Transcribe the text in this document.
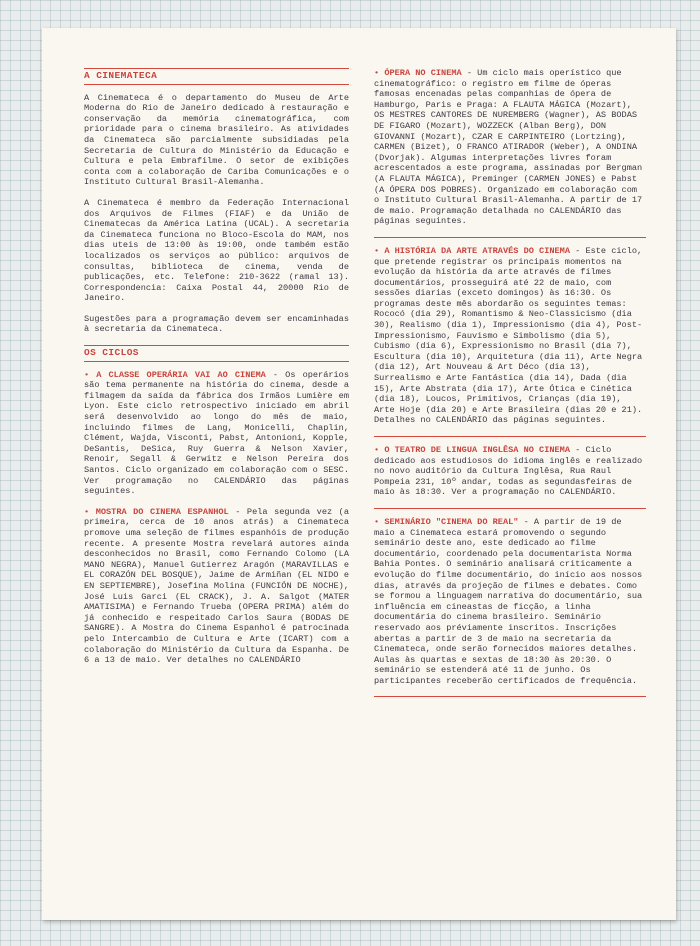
A CINEMATECA

A Cinemateca é o departamento do Museu de Arte Moderna do Rio de Janeiro dedicado à restauração e conservação da memória cinematográfica, com prioridade para o cinema brasileiro. As atividades da Cinemateca são parcialmente subsidiadas pela Secretaria de Cultura do Ministério da Educação e Cultura e pela Embrafilme. O setor de exibições conta com a colaboração de Cariba Comunicações e o Instituto Cultural Brasil-Alemanha.

A Cinemateca é membro da Federação Internacional dos Arquivos de Filmes (FIAF) e da União de Cinematecas da América Latina (UCAL). A secretaria da Cinemateca funciona no Bloco-Escola do MAM, nos dias uteis de 13:00 às 19:00, onde também estão localizados os serviços ao público: arquivos de consultas, biblioteca de cinema, venda de publicações, etc. Telefone: 210-3622 (ramal 13). Correspondencia: Caixa Postal 44, 20000 Rio de Janeiro.

Sugestões para a programação devem ser encaminhadas à secretaria da Cinemateca.

OS CICLOS

• A CLASSE OPERÁRIA VAI AO CINEMA - Os operários são tema permanente na história do cinema, desde a filmagem da saída da fábrica dos Irmãos Lumière em Lyon. Este ciclo retrospectivo iniciado em abril será desenvolvido ao longo do mês de maio, incluindo filmes de Lang, Monicelli, Chaplin, Clément, Wajda, Visconti, Pabst, Antonioni, Kopple, DeSantis, DeSica, Ruy Guerra & Nelson Xavier, Renoir, Segall & Gerwitz e Nelson Pereira dos Santos. Ciclo organizado em colaboração com o SESC. Ver programação no CALENDÁRIO das páginas seguintes.

• MOSTRA DO CINEMA ESPANHOL - Pela segunda vez (a primeira, cerca de 10 anos atrás) a Cinemateca promove uma seleção de filmes espanhóis de produção recente. A presente Mostra revelará autores ainda desconhecidos no Brasil, como Fernando Colomo (LA MANO NEGRA), Manuel Gutierrez Aragón (MARAVILLAS e EL CORAZÓN DEL BOSQUE), Jaime de Armiñan (EL NIDO e EN SEPTIEMBRE), Josefina Molina (FUNCIÓN DE NOCHE), José Luis Garci (EL CRACK), J. A. Salgot (MATER AMATISIMA) e Fernando Trueba (OPERA PRIMA) além do já conhecido e respeitado Carlos Saura (BODAS DE SANGRE). A Mostra do Cinema Espanhol é patrocinada pelo Intercambio de Cultura e Arte (ICART) com a colaboração do Ministério da Cultura da Espanha. De 6 a 13 de maio. Ver detalhes no CALENDÁRIO

• ÓPERA NO CINEMA - Um ciclo mais operístico que cinematográfico: o registro em filme de óperas famosas encenadas pelas companhias de ópera de Hamburgo, Paris e Praga: A FLAUTA MÁGICA (Mozart), OS MESTRES CANTORES DE NUREMBERG (Wagner), AS BODAS DE FIGARO (Mozart), WOZZECK (Alban Berg), DON GIOVANNI (Mozart), CZAR E CARPINTEIRO (Lortzing), CARMEN (Bizet), O FRANCO ATIRADOR (Weber), A ONDINA (Dvorjak). Algumas interpretações livres foram acrescentados a este programa, assinadas por Bergman (A FLAUTA MÁGICA), Preminger (CARMEN JONES) e Pabst (A ÓPERA DOS POBRES). Organizado em colaboração com o Instituto Cultural Brasil-Alemanha. A partir de 17 de maio. Programação detalhada no CALENDÁRIO das páginas seguintes.
• A HISTÓRIA DA ARTE ATRAVÉS DO CINEMA - Este ciclo, que pretende registrar os principais momentos na evolução da história da arte através de filmes documentários, prosseguirá até 22 de maio, com sessões diarias (exceto domingos) às 16:30. Os programas deste mês abordarão os seguintes temas: Rococó (dia 29), Romantismo & Neo-Classicismo (dia 30), Realismo (dia 1), Impressionismo (dia 4), Post-Impressionismo, Fauvismo e Simbolismo (dia 5), Cubismo (dia 6), Expressionismo no Brasil (dia 7), Escultura (dia 10), Arquitetura (dia 11), Arte Negra (dia 12), Art Nouveau & Art Déco (dia 13), Surrealismo e Arte Fantástica (dia 14), Dada (dia 15), Arte Abstrata (dia 17), Arte Ótica e Cinética (dia 18), Loucos, Primitivos, Crianças (dia 19), Arte Hoje (dia 20) e Arte Brasileira (dias 20 e 21). Detalhes no CALENDÁRIO das páginas seguintes.
• O TEATRO DE LINGUA INGLÊSA NO CINEMA - Ciclo dedicado aos estudiosos do idioma inglês e realizado no novo auditório da Cultura Inglêsa, Rua Raul Pompeia 231, 10º andar, todas as segundasfeiras de maio às 18:30. Ver a programação no CALENDÁRIO.
• SEMINÁRIO "CINEMA DO REAL" - A partir de 19 de maio a Cinemateca estará promovendo o segundo seminário deste ano, este dedicado ao filme documentário, coordenado pela documentarista Norma Bahia Pontes. O seminário analisará criticamente a evolução do filme documentário, do início aos nossos dias, através da projeção de filmes e debates. Como se formou a linguagem narrativa do documentário, sua influência em cineastas de ficção, a linha documentária do cinema brasileiro. Seminário reservado aos préviamente inscritos. Inscrições abertas a partir de 3 de maio na secretaria da Cinemateca, onde serão fornecidos maiores detalhes. Aulas às quartas e sextas de 18:30 às 20:30. O seminário se estenderá até 11 de junho. Os participantes receberão certificados de frequência.
